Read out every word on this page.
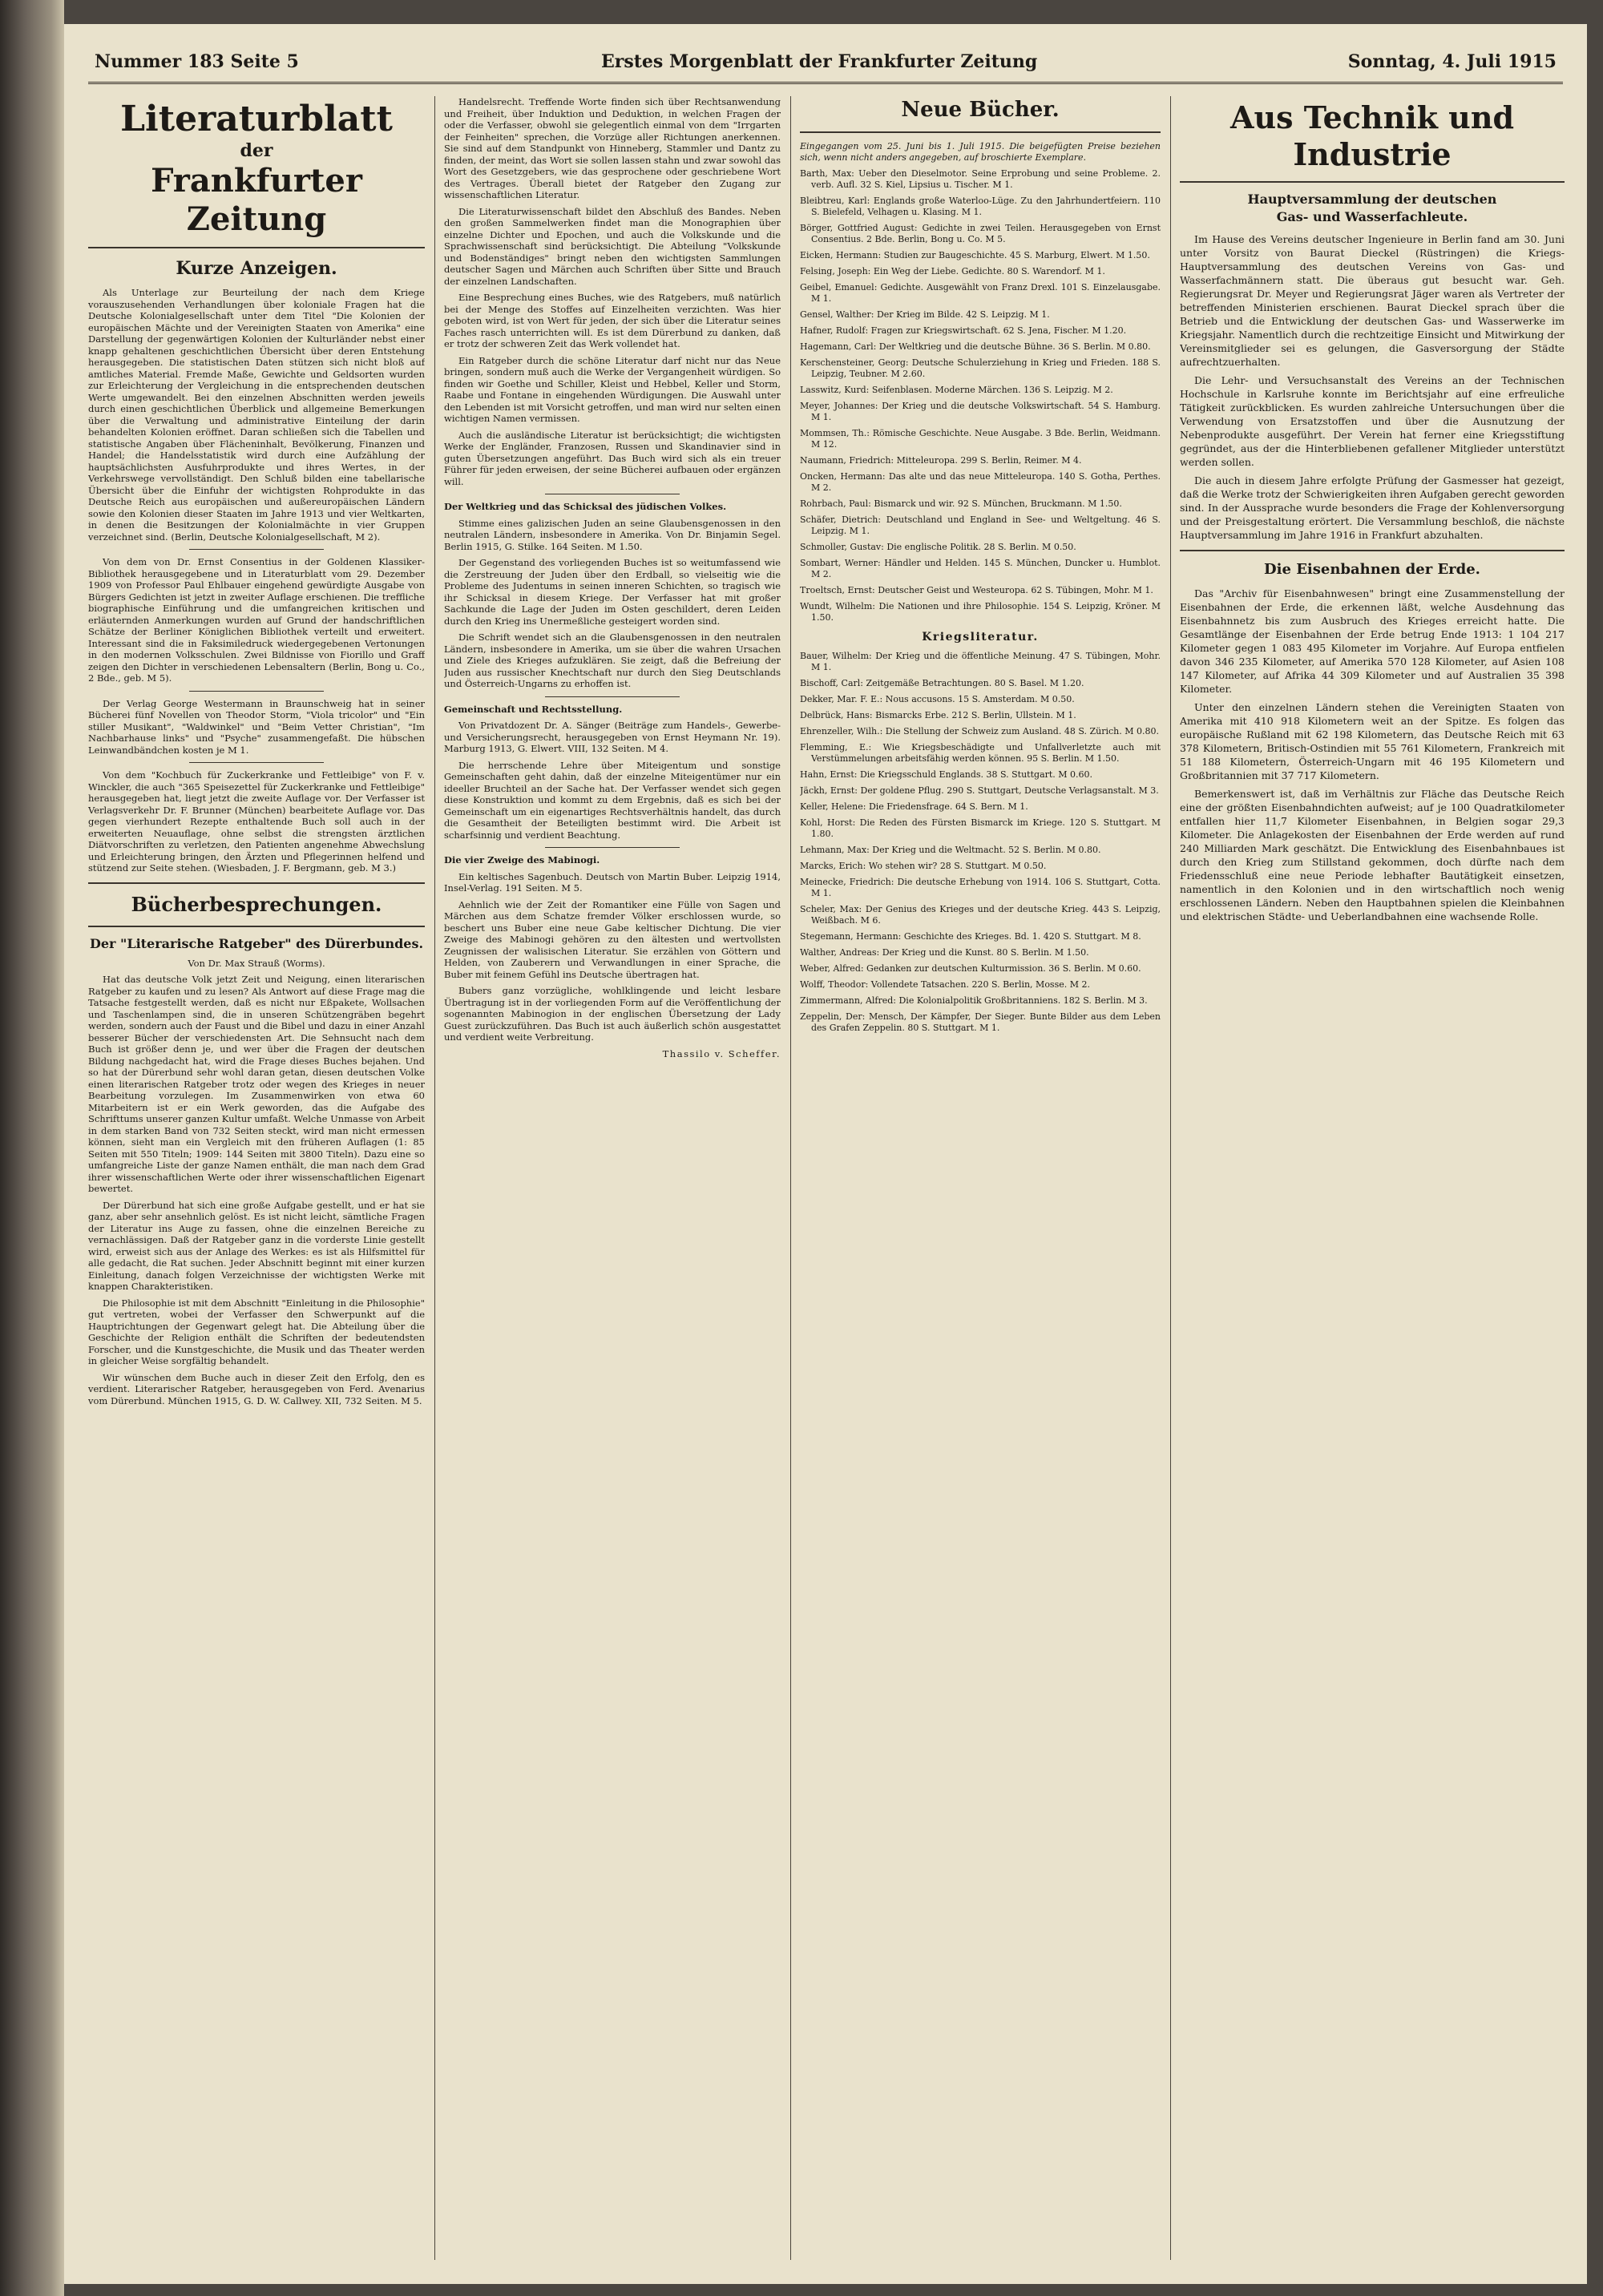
Nummer 183 Seite 5	Erstes Morgenblatt der Frankfurter Zeitung	Sonntag, 4. Juli 1915
Literaturblatt
der
Frankfurter Zeitung
Kurze Anzeigen.

Als Unterlage zur Beurteilung der nach dem Kriege vorauszusehenden Verhandlungen über koloniale Fragen hat die Deutsche Kolonialgesellschaft unter dem Titel "Die Kolonien der europäischen Mächte und der Vereinigten Staaten von Amerika" eine Darstellung der gegenwärtigen Kolonien der Kulturländer nebst einer knapp gehaltenen geschichtlichen Übersicht über deren Entstehung herausgegeben. Die statistischen Daten stützen sich nicht bloß auf amtliches Material. Fremde Maße, Gewichte und Geldsorten wurden zur Erleichterung der Vergleichung in die entsprechenden deutschen Werte umgewandelt. Bei den einzelnen Abschnitten werden jeweils durch einen geschichtlichen Überblick und allgemeine Bemerkungen über die Verwaltung und administrative Einteilung der darin behandelten Kolonien eröffnet. Daran schließen sich die Tabellen und statistische Angaben über Flächeninhalt, Bevölkerung, Finanzen und Handel; die Handelsstatistik wird durch eine Aufzählung der hauptsächlichsten Ausfuhrprodukte und ihres Wertes, in der Verkehrswege vervollständigt. Den Schluß bilden eine tabellarische Übersicht über die Einfuhr der wichtigsten Rohprodukte in das Deutsche Reich aus europäischen und außereuropäischen Ländern sowie den Kolonien dieser Staaten im Jahre 1913 und vier Weltkarten, in denen die Besitzungen der Kolonialmächte in vier Gruppen verzeichnet sind. (Berlin, Deutsche Kolonialgesellschaft, M 2).

Von dem von Dr. Ernst Consentius in der Goldenen Klassiker-Bibliothek herausgegebene und in Literaturblatt vom 29. Dezember 1909 von Professor Paul Ehlbauer eingehend gewürdigte Ausgabe von Bürgers Gedichten ist jetzt in zweiter Auflage erschienen. Die treffliche biographische Einführung und die umfangreichen kritischen und erläuternden Anmerkungen wurden auf Grund der handschriftlichen Schätze der Berliner Königlichen Bibliothek verteilt und erweitert. Interessant sind die in Faksimiledruck wiedergegebenen Vertonungen in den modernen Volksschulen. Zwei Bildnisse von Fiorillo und Graff zeigen den Dichter in verschiedenen Lebensaltern (Berlin, Bong u. Co., 2 Bde., geb. M 5).

Der Verlag George Westermann in Braunschweig hat in seiner Bücherei fünf Novellen von Theodor Storm, "Viola tricolor" und "Ein stiller Musikant", "Waldwinkel" und "Beim Vetter Christian", "Im Nachbarhause links" und "Psyche" zusammengefaßt. Die hübschen Leinwandbändchen kosten je M 1.

Von dem "Kochbuch für Zuckerkranke und Fettleibige" von F. v. Winckler, die auch "365 Speisezettel für Zuckerkranke und Fettleibige" herausgegeben hat, liegt jetzt die zweite Auflage vor. Der Verfasser ist Verlagsverkehr Dr. F. Brunner (München) bearbeitete Auflage vor. Das gegen vierhundert Rezepte enthaltende Buch soll auch in der erweiterten Neuauflage, ohne selbst die strengsten ärztlichen Diätvorschriften zu verletzen, den Patienten angenehme Abwechslung und Erleichterung bringen, den Ärzten und Pflegerinnen helfend und stützend zur Seite stehen. (Wiesbaden, J. F. Bergmann, geb. M 3.)

Bücherbesprechungen.
Der "Literarische Ratgeber" des Dürerbundes.
Von Dr. Max Strauß (Worms).

Hat das deutsche Volk jetzt Zeit und Neigung, einen literarischen Ratgeber zu kaufen und zu lesen? Als Antwort auf diese Frage mag die Tatsache festgestellt werden, daß es nicht nur Eßpakete, Wollsachen und Taschenlampen sind, die in unseren Schützengräben begehrt werden, sondern auch der Faust und die Bibel und dazu in einer Anzahl besserer Bücher der verschiedensten Art. Die Sehnsucht nach dem Buch ist größer denn je, und wer über die Fragen der deutschen Bildung nachgedacht hat, wird die Frage dieses Buches bejahen. Und so hat der Dürerbund sehr wohl daran getan, diesen deutschen Volke einen literarischen Ratgeber trotz oder wegen des Krieges in neuer Bearbeitung vorzulegen. Im Zusammenwirken von etwa 60 Mitarbeitern ist er ein Werk geworden, das die Aufgabe des Schrifttums unserer ganzen Kultur umfaßt. Welche Unmasse von Arbeit in dem starken Band von 732 Seiten steckt, wird man nicht ermessen können, sieht man ein Vergleich mit den früheren Auflagen (1: 85 Seiten mit 550 Titeln; 1909: 144 Seiten mit 3800 Titeln). Dazu eine so umfangreiche Liste der ganze Namen enthält, die man nach dem Grad ihrer wissenschaftlichen Werte oder ihrer wissenschaftlichen Eigenart bewertet.

Der Dürerbund hat sich eine große Aufgabe gestellt, und er hat sie ganz, aber sehr ansehnlich gelöst. Es ist nicht leicht, sämtliche Fragen der Literatur ins Auge zu fassen, ohne die einzelnen Bereiche zu vernachlässigen. Daß der Ratgeber ganz in die vorderste Linie gestellt wird, erweist sich aus der Anlage des Werkes: es ist als Hilfsmittel für alle gedacht, die Rat suchen. Jeder Abschnitt beginnt mit einer kurzen Einleitung, danach folgen Verzeichnisse der wichtigsten Werke mit knappen Charakteristiken.

Die Philosophie ist mit dem Abschnitt "Einleitung in die Philosophie" gut vertreten, wobei der Verfasser den Schwerpunkt auf die Hauptrichtungen der Gegenwart gelegt hat. Die Abteilung über die Geschichte der Religion enthält die Schriften der bedeutendsten Forscher, und die Kunstgeschichte, die Musik und das Theater werden in gleicher Weise sorgfältig behandelt.

Wir wünschen dem Buche auch in dieser Zeit den Erfolg, den es verdient. Literarischer Ratgeber, herausgegeben von Ferd. Avenarius vom Dürerbund. München 1915, G. D. W. Callwey. XII, 732 Seiten. M 5.

Handelsrecht. Treffende Worte finden sich über Rechtsanwendung und Freiheit, über Induktion und Deduktion, in welchen Fragen der oder die Verfasser, obwohl sie gelegentlich einmal von dem "Irrgarten der Feinheiten" sprechen, die Vorzüge aller Richtungen anerkennen. Sie sind auf dem Standpunkt von Hinneberg, Stammler und Dantz zu finden, der meint, das Wort sie sollen lassen stahn und zwar sowohl das Wort des Gesetzgebers, wie das gesprochene oder geschriebene Wort des Vertrages. Überall bietet der Ratgeber den Zugang zur wissenschaftlichen Literatur.

Die Literaturwissenschaft bildet den Abschluß des Bandes. Neben den großen Sammelwerken findet man die Monographien über einzelne Dichter und Epochen, und auch die Volkskunde und die Sprachwissenschaft sind berücksichtigt. Die Abteilung "Volkskunde und Bodenständiges" bringt neben den wichtigsten Sammlungen deutscher Sagen und Märchen auch Schriften über Sitte und Brauch der einzelnen Landschaften.

Eine Besprechung eines Buches, wie des Ratgebers, muß natürlich bei der Menge des Stoffes auf Einzelheiten verzichten. Was hier geboten wird, ist von Wert für jeden, der sich über die Literatur seines Faches rasch unterrichten will. Es ist dem Dürerbund zu danken, daß er trotz der schweren Zeit das Werk vollendet hat.

Ein Ratgeber durch die schöne Literatur darf nicht nur das Neue bringen, sondern muß auch die Werke der Vergangenheit würdigen. So finden wir Goethe und Schiller, Kleist und Hebbel, Keller und Storm, Raabe und Fontane in eingehenden Würdigungen. Die Auswahl unter den Lebenden ist mit Vorsicht getroffen, und man wird nur selten einen wichtigen Namen vermissen.

Auch die ausländische Literatur ist berücksichtigt; die wichtigsten Werke der Engländer, Franzosen, Russen und Skandinavier sind in guten Übersetzungen angeführt. Das Buch wird sich als ein treuer Führer für jeden erweisen, der seine Bücherei aufbauen oder ergänzen will.

Der Weltkrieg und das Schicksal des jüdischen Volkes.

Stimme eines galizischen Juden an seine Glaubensgenossen in den neutralen Ländern, insbesondere in Amerika. Von Dr. Binjamin Segel. Berlin 1915, G. Stilke. 164 Seiten. M 1.50.

Der Gegenstand des vorliegenden Buches ist so weitumfassend wie die Zerstreuung der Juden über den Erdball, so vielseitig wie die Probleme des Judentums in seinen inneren Schichten, so tragisch wie ihr Schicksal in diesem Kriege. Der Verfasser hat mit großer Sachkunde die Lage der Juden im Osten geschildert, deren Leiden durch den Krieg ins Unermeßliche gesteigert worden sind.

Die Schrift wendet sich an die Glaubensgenossen in den neutralen Ländern, insbesondere in Amerika, um sie über die wahren Ursachen und Ziele des Krieges aufzuklären. Sie zeigt, daß die Befreiung der Juden aus russischer Knechtschaft nur durch den Sieg Deutschlands und Österreich-Ungarns zu erhoffen ist.

Gemeinschaft und Rechtsstellung.

Von Privatdozent Dr. A. Sänger (Beiträge zum Handels-, Gewerbe- und Versicherungsrecht, herausgegeben von Ernst Heymann Nr. 19). Marburg 1913, G. Elwert. VIII, 132 Seiten. M 4.

Die herrschende Lehre über Miteigentum und sonstige Gemeinschaften geht dahin, daß der einzelne Miteigentümer nur ein ideeller Bruchteil an der Sache hat. Der Verfasser wendet sich gegen diese Konstruktion und kommt zu dem Ergebnis, daß es sich bei der Gemeinschaft um ein eigenartiges Rechtsverhältnis handelt, das durch die Gesamtheit der Beteiligten bestimmt wird. Die Arbeit ist scharfsinnig und verdient Beachtung.

Die vier Zweige des Mabinogi.

Ein keltisches Sagenbuch. Deutsch von Martin Buber. Leipzig 1914, Insel-Verlag. 191 Seiten. M 5.

Aehnlich wie der Zeit der Romantiker eine Fülle von Sagen und Märchen aus dem Schatze fremder Völker erschlossen wurde, so beschert uns Buber eine neue Gabe keltischer Dichtung. Die vier Zweige des Mabinogi gehören zu den ältesten und wertvollsten Zeugnissen der walisischen Literatur. Sie erzählen von Göttern und Helden, von Zauberern und Verwandlungen in einer Sprache, die Buber mit feinem Gefühl ins Deutsche übertragen hat.

Bubers ganz vorzügliche, wohlklingende und leicht lesbare Übertragung ist in der vorliegenden Form auf die Veröffentlichung der sogenannten Mabinogion in der englischen Übersetzung der Lady Guest zurückzuführen. Das Buch ist auch äußerlich schön ausgestattet und verdient weite Verbreitung.

Thassilo v. Scheffer.

Neue Bücher.

Eingegangen vom 25. Juni bis 1. Juli 1915. Die beigefügten Preise beziehen sich, wenn nicht anders angegeben, auf broschierte Exemplare.

Barth, Max: Ueber den Dieselmotor. Seine Erprobung und seine Probleme. 2. verb. Aufl. 32 S. Kiel, Lipsius u. Tischer. M 1.

Bleibtreu, Karl: Englands große Waterloo-Lüge. Zu den Jahrhundertfeiern. 110 S. Bielefeld, Velhagen u. Klasing. M 1.

Börger, Gottfried August: Gedichte in zwei Teilen. Herausgegeben von Ernst Consentius. 2 Bde. Berlin, Bong u. Co. M 5.

Eicken, Hermann: Studien zur Baugeschichte. 45 S. Marburg, Elwert. M 1.50.

Felsing, Joseph: Ein Weg der Liebe. Gedichte. 80 S. Warendorf. M 1.

Geibel, Emanuel: Gedichte. Ausgewählt von Franz Drexl. 101 S. Einzelausgabe. M 1.

Gensel, Walther: Der Krieg im Bilde. 42 S. Leipzig. M 1.

Hafner, Rudolf: Fragen zur Kriegswirtschaft. 62 S. Jena, Fischer. M 1.20.

Hagemann, Carl: Der Weltkrieg und die deutsche Bühne. 36 S. Berlin. M 0.80.

Kerschensteiner, Georg: Deutsche Schulerziehung in Krieg und Frieden. 188 S. Leipzig, Teubner. M 2.60.

Lasswitz, Kurd: Seifenblasen. Moderne Märchen. 136 S. Leipzig. M 2.

Meyer, Johannes: Der Krieg und die deutsche Volkswirtschaft. 54 S. Hamburg. M 1.

Mommsen, Th.: Römische Geschichte. Neue Ausgabe. 3 Bde. Berlin, Weidmann. M 12.

Naumann, Friedrich: Mitteleuropa. 299 S. Berlin, Reimer. M 4.

Oncken, Hermann: Das alte und das neue Mitteleuropa. 140 S. Gotha, Perthes. M 2.

Rohrbach, Paul: Bismarck und wir. 92 S. München, Bruckmann. M 1.50.

Schäfer, Dietrich: Deutschland und England in See- und Weltgeltung. 46 S. Leipzig. M 1.

Schmoller, Gustav: Die englische Politik. 28 S. Berlin. M 0.50.

Sombart, Werner: Händler und Helden. 145 S. München, Duncker u. Humblot. M 2.

Troeltsch, Ernst: Deutscher Geist und Westeuropa. 62 S. Tübingen, Mohr. M 1.

Wundt, Wilhelm: Die Nationen und ihre Philosophie. 154 S. Leipzig, Kröner. M 1.50.

Kriegsliteratur.

Bauer, Wilhelm: Der Krieg und die öffentliche Meinung. 47 S. Tübingen, Mohr. M 1.

Bischoff, Carl: Zeitgemäße Betrachtungen. 80 S. Basel. M 1.20.

Dekker, Mar. F. E.: Nous accusons. 15 S. Amsterdam. M 0.50.

Delbrück, Hans: Bismarcks Erbe. 212 S. Berlin, Ullstein. M 1.

Ehrenzeller, Wilh.: Die Stellung der Schweiz zum Ausland. 48 S. Zürich. M 0.80.

Flemming, E.: Wie Kriegsbeschädigte und Unfallverletzte auch mit Verstümmelungen arbeitsfähig werden können. 95 S. Berlin. M 1.50.

Hahn, Ernst: Die Kriegsschuld Englands. 38 S. Stuttgart. M 0.60.

Jäckh, Ernst: Der goldene Pflug. 290 S. Stuttgart, Deutsche Verlagsanstalt. M 3.

Keller, Helene: Die Friedensfrage. 64 S. Bern. M 1.

Kohl, Horst: Die Reden des Fürsten Bismarck im Kriege. 120 S. Stuttgart. M 1.80.

Lehmann, Max: Der Krieg und die Weltmacht. 52 S. Berlin. M 0.80.

Marcks, Erich: Wo stehen wir? 28 S. Stuttgart. M 0.50.

Meinecke, Friedrich: Die deutsche Erhebung von 1914. 106 S. Stuttgart, Cotta. M 1.

Scheler, Max: Der Genius des Krieges und der deutsche Krieg. 443 S. Leipzig, Weißbach. M 6.

Stegemann, Hermann: Geschichte des Krieges. Bd. 1. 420 S. Stuttgart. M 8.

Walther, Andreas: Der Krieg und die Kunst. 80 S. Berlin. M 1.50.

Weber, Alfred: Gedanken zur deutschen Kulturmission. 36 S. Berlin. M 0.60.

Wolff, Theodor: Vollendete Tatsachen. 220 S. Berlin, Mosse. M 2.

Zimmermann, Alfred: Die Kolonialpolitik Großbritanniens. 182 S. Berlin. M 3.

Zeppelin, Der: Mensch, Der Kämpfer, Der Sieger. Bunte Bilder aus dem Leben des Grafen Zeppelin. 80 S. Stuttgart. M 1.

Aus Technik und Industrie
Hauptversammlung der deutschen
Gas- und Wasserfachleute.

Im Hause des Vereins deutscher Ingenieure in Berlin fand am 30. Juni unter Vorsitz von Baurat Dieckel (Rüstringen) die Kriegs-Hauptversammlung des deutschen Vereins von Gas- und Wasserfachmännern statt. Die überaus gut besucht war. Geh. Regierungsrat Dr. Meyer und Regierungsrat Jäger waren als Vertreter der betreffenden Ministerien erschienen. Baurat Dieckel sprach über die Betrieb und die Entwicklung der deutschen Gas- und Wasserwerke im Kriegsjahr. Namentlich durch die rechtzeitige Einsicht und Mitwirkung der Vereinsmitglieder sei es gelungen, die Gasversorgung der Städte aufrechtzuerhalten.

Die Lehr- und Versuchsanstalt des Vereins an der Technischen Hochschule in Karlsruhe konnte im Berichtsjahr auf eine erfreuliche Tätigkeit zurückblicken. Es wurden zahlreiche Untersuchungen über die Verwendung von Ersatzstoffen und über die Ausnutzung der Nebenprodukte ausgeführt. Der Verein hat ferner eine Kriegsstiftung gegründet, aus der die Hinterbliebenen gefallener Mitglieder unterstützt werden sollen.

Die auch in diesem Jahre erfolgte Prüfung der Gasmesser hat gezeigt, daß die Werke trotz der Schwierigkeiten ihren Aufgaben gerecht geworden sind. In der Aussprache wurde besonders die Frage der Kohlenversorgung und der Preisgestaltung erörtert. Die Versammlung beschloß, die nächste Hauptversammlung im Jahre 1916 in Frankfurt abzuhalten.

Die Eisenbahnen der Erde.

Das "Archiv für Eisenbahnwesen" bringt eine Zusammenstellung der Eisenbahnen der Erde, die erkennen läßt, welche Ausdehnung das Eisenbahnnetz bis zum Ausbruch des Krieges erreicht hatte. Die Gesamtlänge der Eisenbahnen der Erde betrug Ende 1913: 1 104 217 Kilometer gegen 1 083 495 Kilometer im Vorjahre. Auf Europa entfielen davon 346 235 Kilometer, auf Amerika 570 128 Kilometer, auf Asien 108 147 Kilometer, auf Afrika 44 309 Kilometer und auf Australien 35 398 Kilometer.

Unter den einzelnen Ländern stehen die Vereinigten Staaten von Amerika mit 410 918 Kilometern weit an der Spitze. Es folgen das europäische Rußland mit 62 198 Kilometern, das Deutsche Reich mit 63 378 Kilometern, Britisch-Ostindien mit 55 761 Kilometern, Frankreich mit 51 188 Kilometern, Österreich-Ungarn mit 46 195 Kilometern und Großbritannien mit 37 717 Kilometern.

Bemerkenswert ist, daß im Verhältnis zur Fläche das Deutsche Reich eine der größten Eisenbahndichten aufweist; auf je 100 Quadratkilometer entfallen hier 11,7 Kilometer Eisenbahnen, in Belgien sogar 29,3 Kilometer. Die Anlagekosten der Eisenbahnen der Erde werden auf rund 240 Milliarden Mark geschätzt. Die Entwicklung des Eisenbahnbaues ist durch den Krieg zum Stillstand gekommen, doch dürfte nach dem Friedensschluß eine neue Periode lebhafter Bautätigkeit einsetzen, namentlich in den Kolonien und in den wirtschaftlich noch wenig erschlossenen Ländern. Neben den Hauptbahnen spielen die Kleinbahnen und elektrischen Städte- und Ueberlandbahnen eine wachsende Rolle.
